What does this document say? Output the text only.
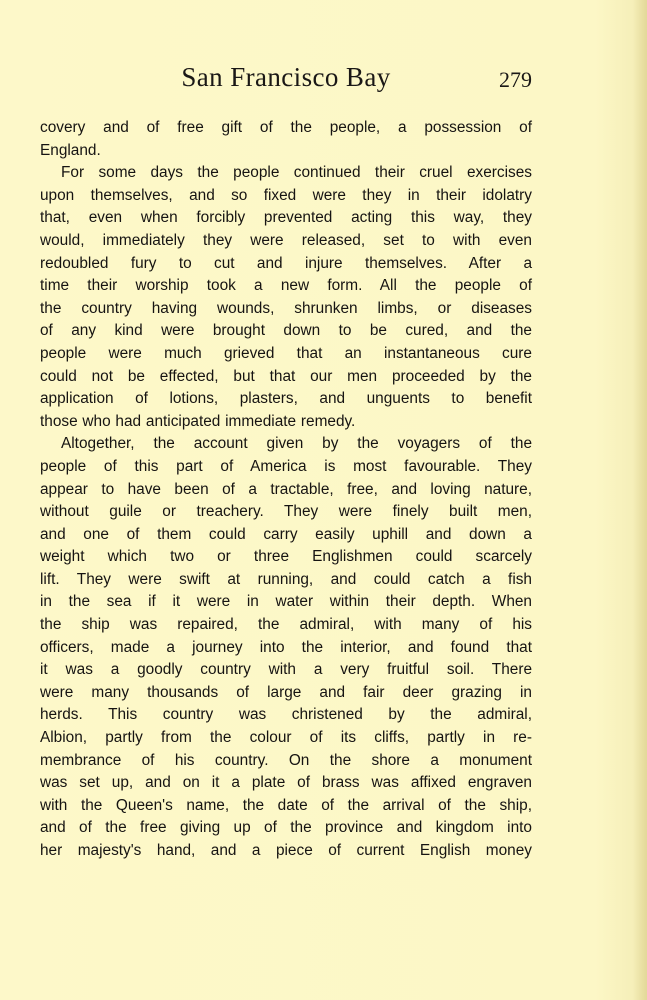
San Francisco Bay	279

covery and of free gift of the people, a possession of
England.

For some days the people continued their cruel exercises
upon themselves, and so fixed were they in their idolatry
that, even when forcibly prevented acting this way, they
would, immediately they were released, set to with even
redoubled fury to cut and injure themselves. After a
time their worship took a new form. All the people of
the country having wounds, shrunken limbs, or diseases
of any kind were brought down to be cured, and the
people were much grieved that an instantaneous cure
could not be effected, but that our men proceeded by the
application of lotions, plasters, and unguents to benefit
those who had anticipated immediate remedy.

Altogether, the account given by the voyagers of the
people of this part of America is most favourable. They
appear to have been of a tractable, free, and loving nature,
without guile or treachery. They were finely built men,
and one of them could carry easily uphill and down a
weight which two or three Englishmen could scarcely
lift. They were swift at running, and could catch a fish
in the sea if it were in water within their depth. When
the ship was repaired, the admiral, with many of his
officers, made a journey into the interior, and found that
it was a goodly country with a very fruitful soil. There
were many thousands of large and fair deer grazing in
herds. This country was christened by the admiral,
Albion, partly from the colour of its cliffs, partly in re-
membrance of his country. On the shore a monument
was set up, and on it a plate of brass was affixed engraven
with the Queen's name, the date of the arrival of the ship,
and of the free giving up of the province and kingdom into
her majesty's hand, and a piece of current English money
